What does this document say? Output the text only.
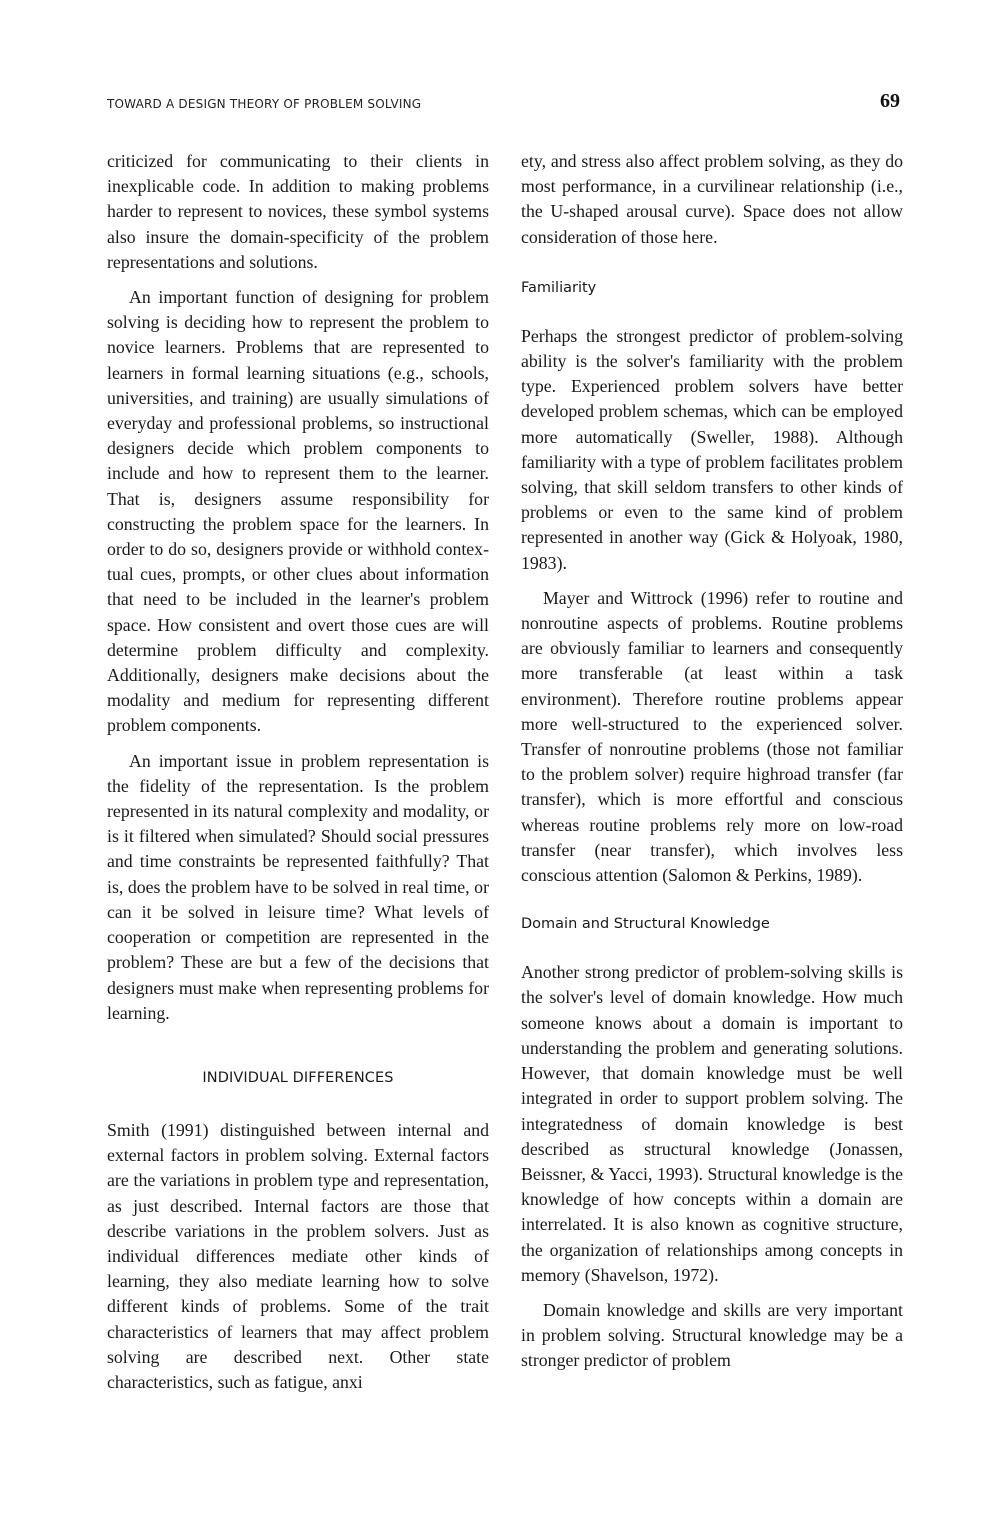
TOWARD A DESIGN THEORY OF PROBLEM SOLVING	69

criticized for communicating to their clients in inexplicable code. In addition to making problems harder to represent to novices, these symbol systems also insure the domain-specificity of the problem representations and solutions.

An important function of designing for problem solving is deciding how to represent the problem to novice learners. Problems that are represented to learners in formal learning situations (e.g., schools, universities, and training) are usually simulations of everyday and professional problems, so instructional designers decide which problem components to include and how to represent them to the learner. That is, designers assume responsibility for constructing the problem space for the learners. In order to do so, designers provide or withhold contextual cues, prompts, or other clues about information that need to be included in the learner's problem space. How consistent and overt those cues are will determine problem difficulty and complexity. Additionally, designers make decisions about the modality and medium for representing different problem components.

An important issue in problem representation is the fidelity of the representation. Is the problem represented in its natural complexity and modality, or is it filtered when simulated? Should social pressures and time constraints be represented faithfully? That is, does the problem have to be solved in real time, or can it be solved in leisure time? What levels of cooperation or competition are represented in the problem? These are but a few of the decisions that designers must make when representing problems for learning.

INDIVIDUAL DIFFERENCES

Smith (1991) distinguished between internal and external factors in problem solving. External factors are the variations in problem type and representation, as just described. Internal factors are those that describe variations in the problem solvers. Just as individual differences mediate other kinds of learning, they also mediate learning how to solve different kinds of problems. Some of the trait characteristics of learners that may affect problem solving are described next. Other state characteristics, such as fatigue, anxi

ety, and stress also affect problem solving, as they do most performance, in a curvilinear relationship (i.e., the U-shaped arousal curve). Space does not allow consideration of those here.

Familiarity

Perhaps the strongest predictor of problem-solving ability is the solver's familiarity with the problem type. Experienced problem solvers have better developed problem schemas, which can be employed more automatically (Sweller, 1988). Although familiarity with a type of problem facilitates problem solving, that skill seldom transfers to other kinds of problems or even to the same kind of problem represented in another way (Gick & Holyoak, 1980, 1983).

Mayer and Wittrock (1996) refer to routine and nonroutine aspects of problems. Routine problems are obviously familiar to learners and consequently more transferable (at least within a task environment). Therefore routine problems appear more well-structured to the experienced solver. Transfer of nonroutine problems (those not familiar to the problem solver) require highroad transfer (far transfer), which is more effortful and conscious whereas routine problems rely more on low-road transfer (near transfer), which involves less conscious attention (Salomon & Perkins, 1989).

Domain and Structural Knowledge

Another strong predictor of problem-solving skills is the solver's level of domain knowledge. How much someone knows about a domain is important to understanding the problem and generating solutions. However, that domain knowledge must be well integrated in order to support problem solving. The integratedness of domain knowledge is best described as structural knowledge (Jonassen, Beissner, & Yacci, 1993). Structural knowledge is the knowledge of how concepts within a domain are interrelated. It is also known as cognitive structure, the organization of relationships among concepts in memory (Shavelson, 1972).

Domain knowledge and skills are very important in problem solving. Structural knowledge may be a stronger predictor of problem
